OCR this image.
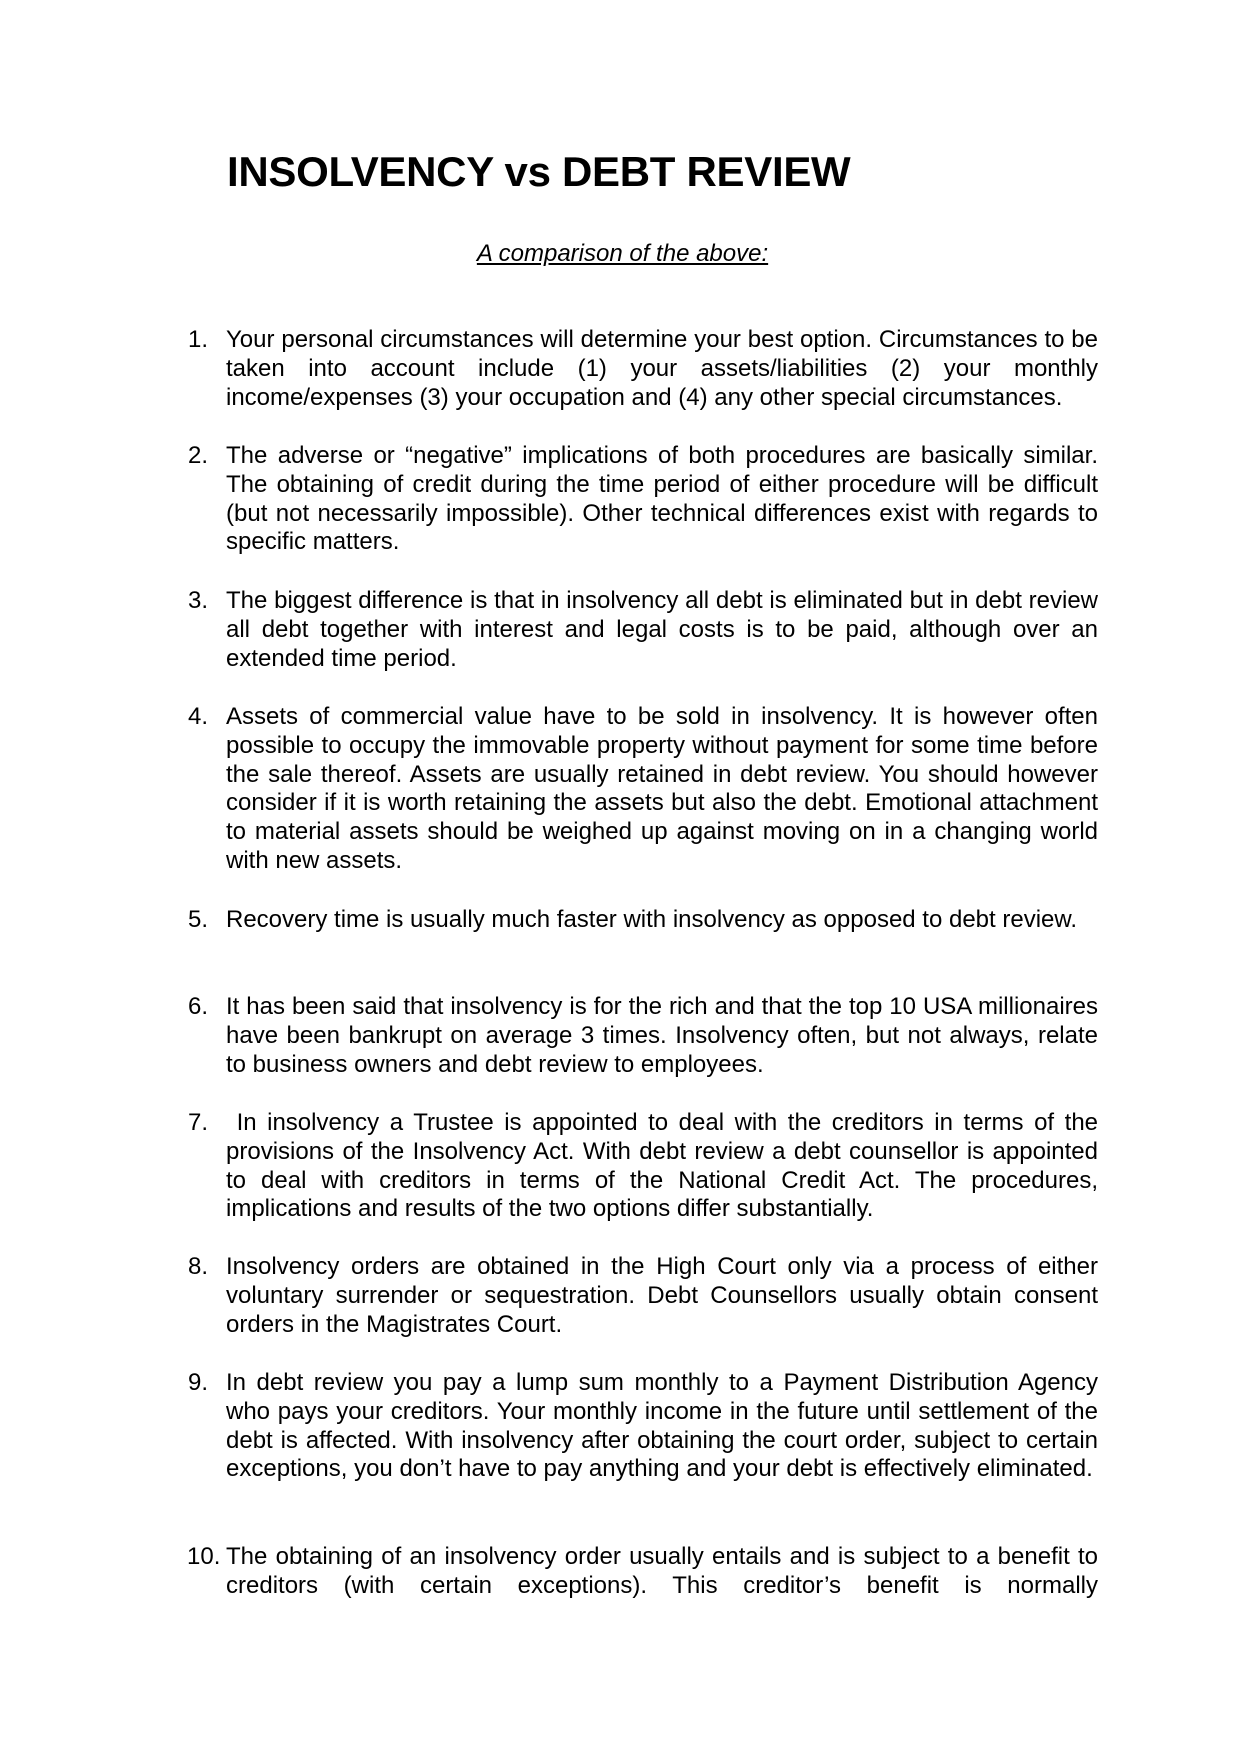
INSOLVENCY vs DEBT REVIEW
A comparison of the above:
1. Your personal circumstances will determine your best option. Circumstances to be taken into account include (1) your assets/liabilities (2) your monthly income/expenses (3) your occupation and (4) any other special circumstances.
2. The adverse or “negative” implications of both procedures are basically similar. The obtaining of credit during the time period of either procedure will be difficult (but not necessarily impossible). Other technical differences exist with regards to specific matters.
3. The biggest difference is that in insolvency all debt is eliminated but in debt review all debt together with interest and legal costs is to be paid, although over an extended time period.
4. Assets of commercial value have to be sold in insolvency. It is however often possible to occupy the immovable property without payment for some time before the sale thereof. Assets are usually retained in debt review. You should however consider if it is worth retaining the assets but also the debt. Emotional attachment to material assets should be weighed up against moving on in a changing world with new assets.
5. Recovery time is usually much faster with insolvency as opposed to debt review.
6. It has been said that insolvency is for the rich and that the top 10 USA millionaires have been bankrupt on average 3 times. Insolvency often, but not always, relate to business owners and debt review to employees.
7. In insolvency a Trustee is appointed to deal with the creditors in terms of the provisions of the Insolvency Act. With debt review a debt counsellor is appointed to deal with creditors in terms of the National Credit Act. The procedures, implications and results of the two options differ substantially.
8. Insolvency orders are obtained in the High Court only via a process of either voluntary surrender or sequestration. Debt Counsellors usually obtain consent orders in the Magistrates Court.
9. In debt review you pay a lump sum monthly to a Payment Distribution Agency who pays your creditors. Your monthly income in the future until settlement of the debt is affected. With insolvency after obtaining the court order, subject to certain exceptions, you don’t have to pay anything and your debt is effectively eliminated.
10. The obtaining of an insolvency order usually entails and is subject to a benefit to creditors (with certain exceptions). This creditor’s benefit is normally
